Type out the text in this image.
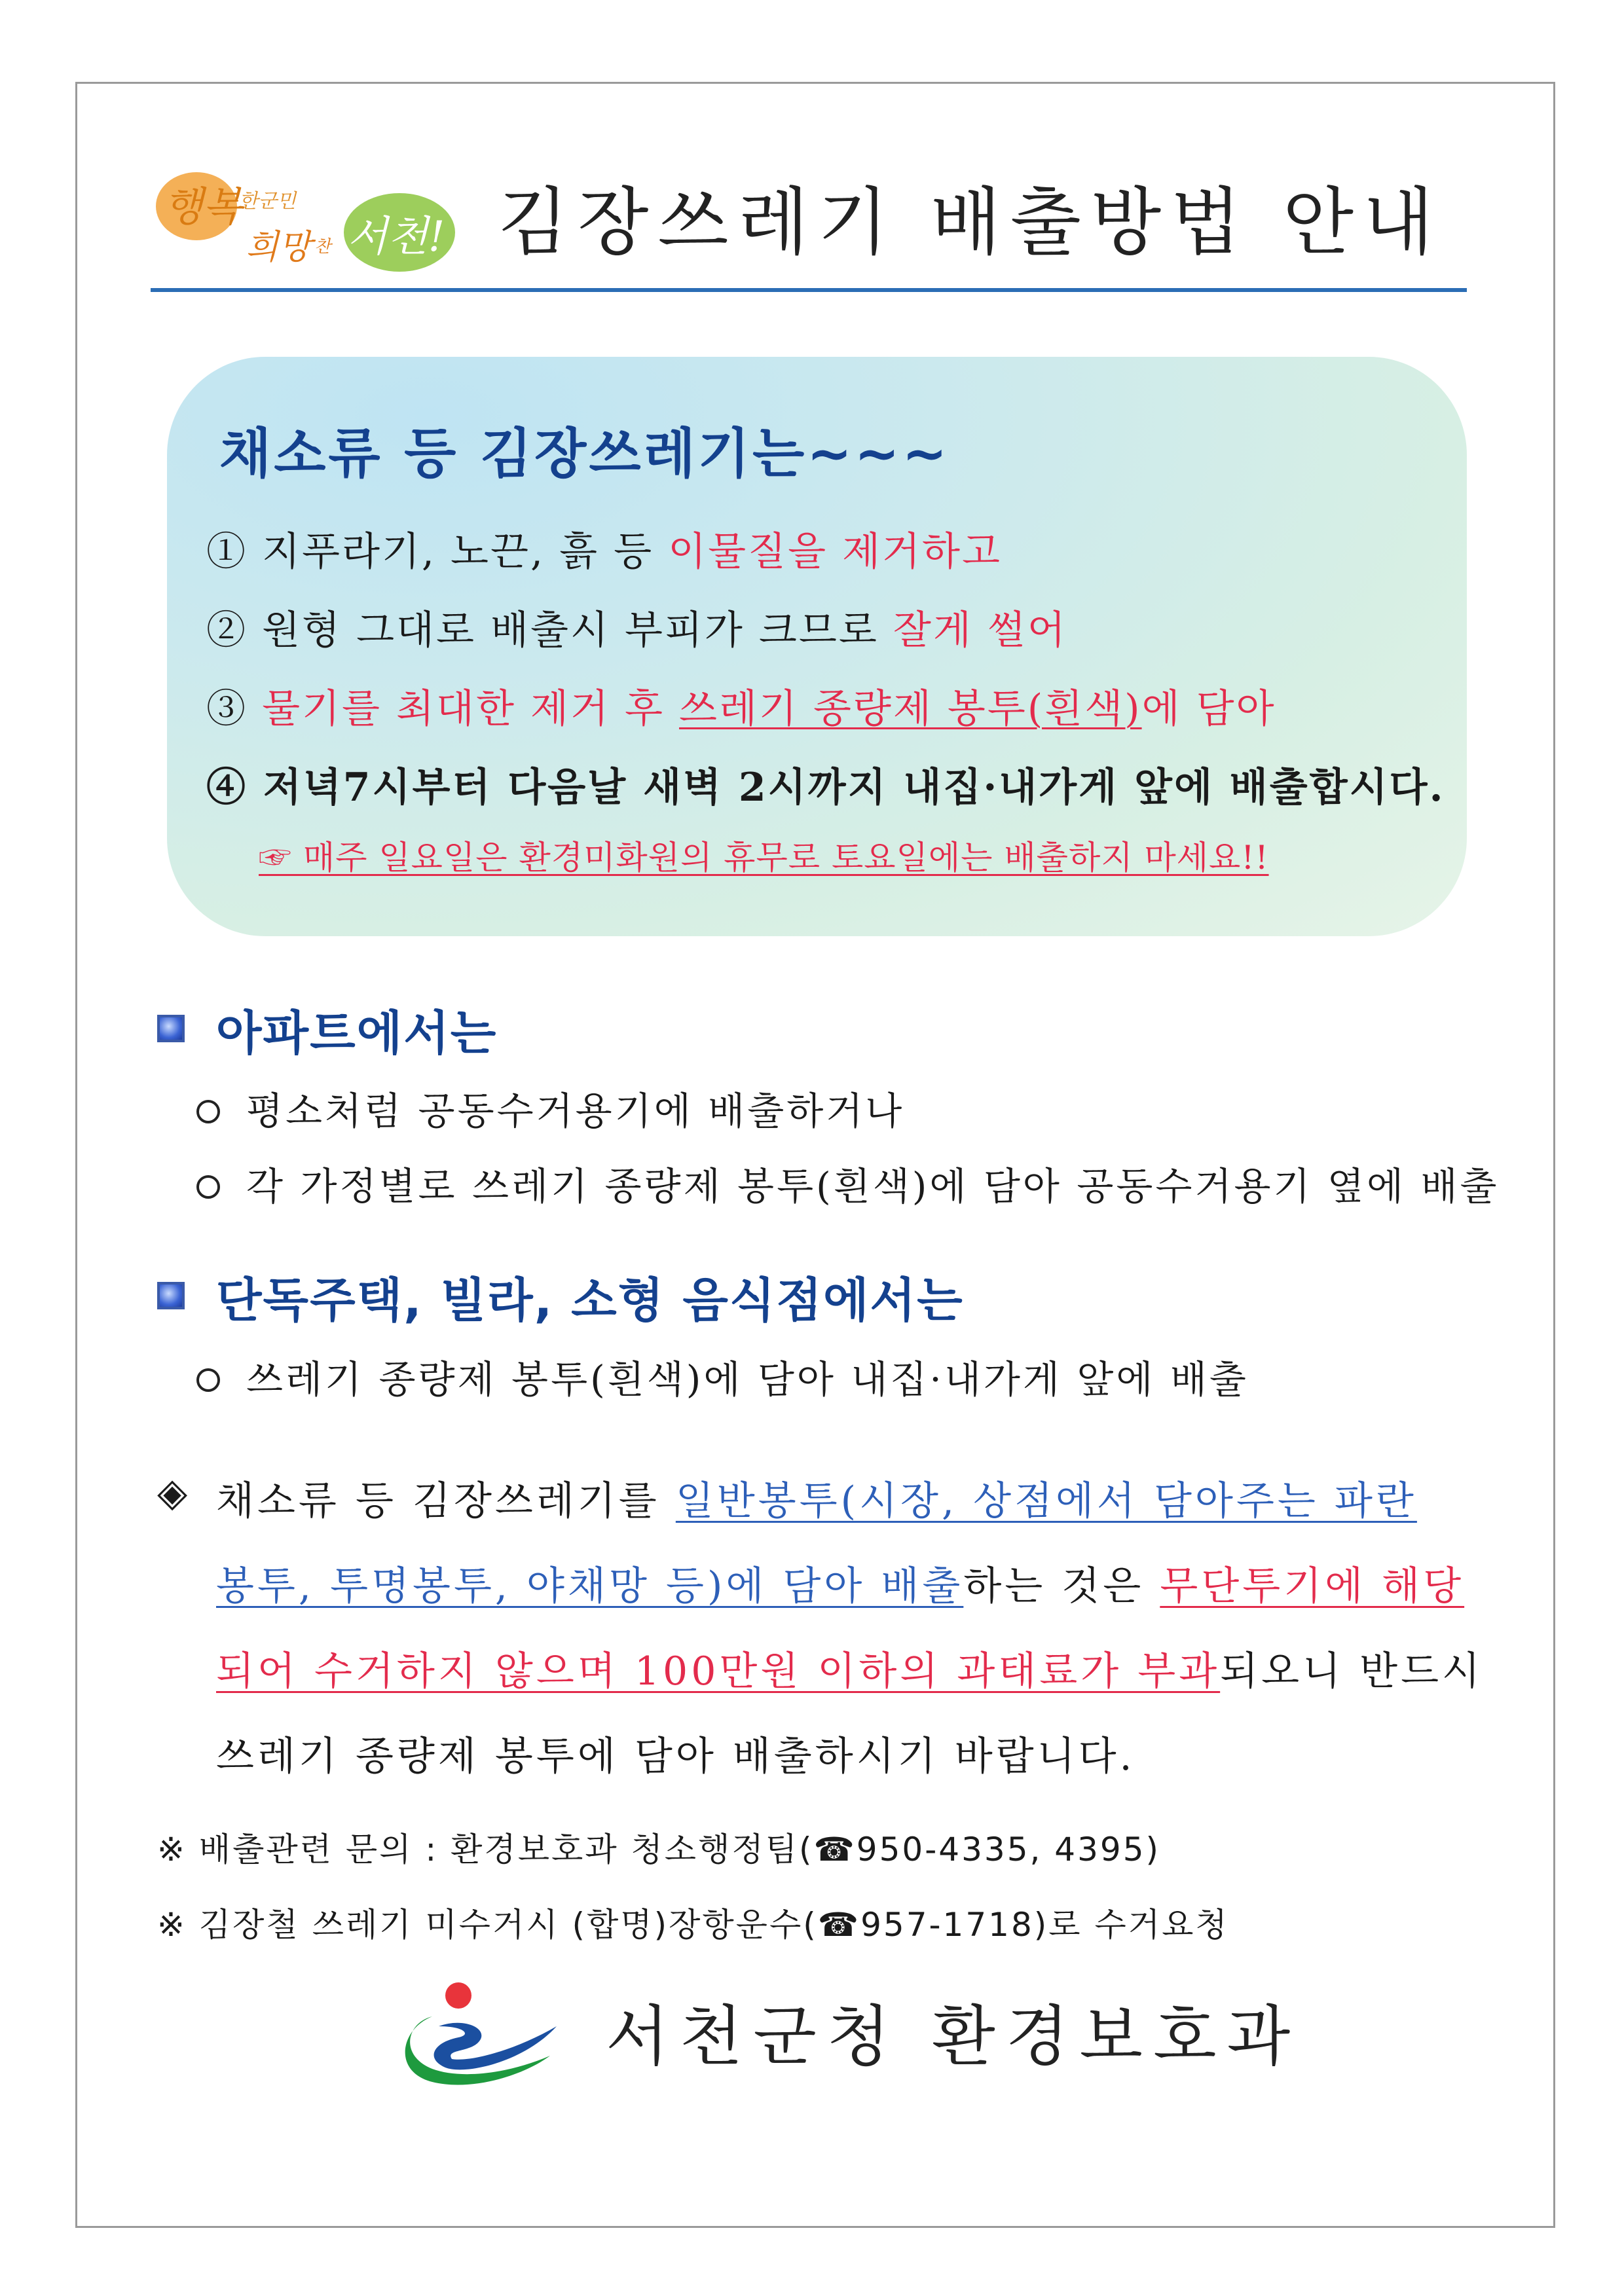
행복
한군민
희망 찬 서천! 김장쓰레기 배출방법 안내
채소류 등 김장쓰레기는~~~
① 지푸라기, 노끈, 흙 등 이물질을 제거하고
② 원형 그대로 배출시 부피가 크므로 잘게 썰어
③ 물기를 최대한 제거 후 쓰레기 종량제 봉투(흰색)에 담아
④ 저녁7시부터 다음날 새벽 2시까지 내집·내가게 앞에 배출합시다.
☞ 매주 일요일은 환경미화원의 휴무로 토요일에는 배출하지 마세요!!
아파트에서는
평소처럼 공동수거용기에 배출하거나
각 가정별로 쓰레기 종량제 봉투(흰색)에 담아 공동수거용기 옆에 배출
단독주택, 빌라, 소형 음식점에서는
쓰레기 종량제 봉투(흰색)에 담아 내집·내가게 앞에 배출
◈ 채소류 등 김장쓰레기를 일반봉투(시장, 상점에서 담아주는 파란
봉투, 투명봉투, 야채망 등)에 담아 배출하는 것은 무단투기에 해당
되어 수거하지 않으며 100만원 이하의 과태료가 부과되오니 반드시
쓰레기 종량제 봉투에 담아 배출하시기 바랍니다.
※ 배출관련 문의 : 환경보호과 청소행정팀(☎950-4335, 4395)
※ 김장철 쓰레기 미수거시 (합명)장항운수(☎957-1718)로 수거요청
서천군청 환경보호과
